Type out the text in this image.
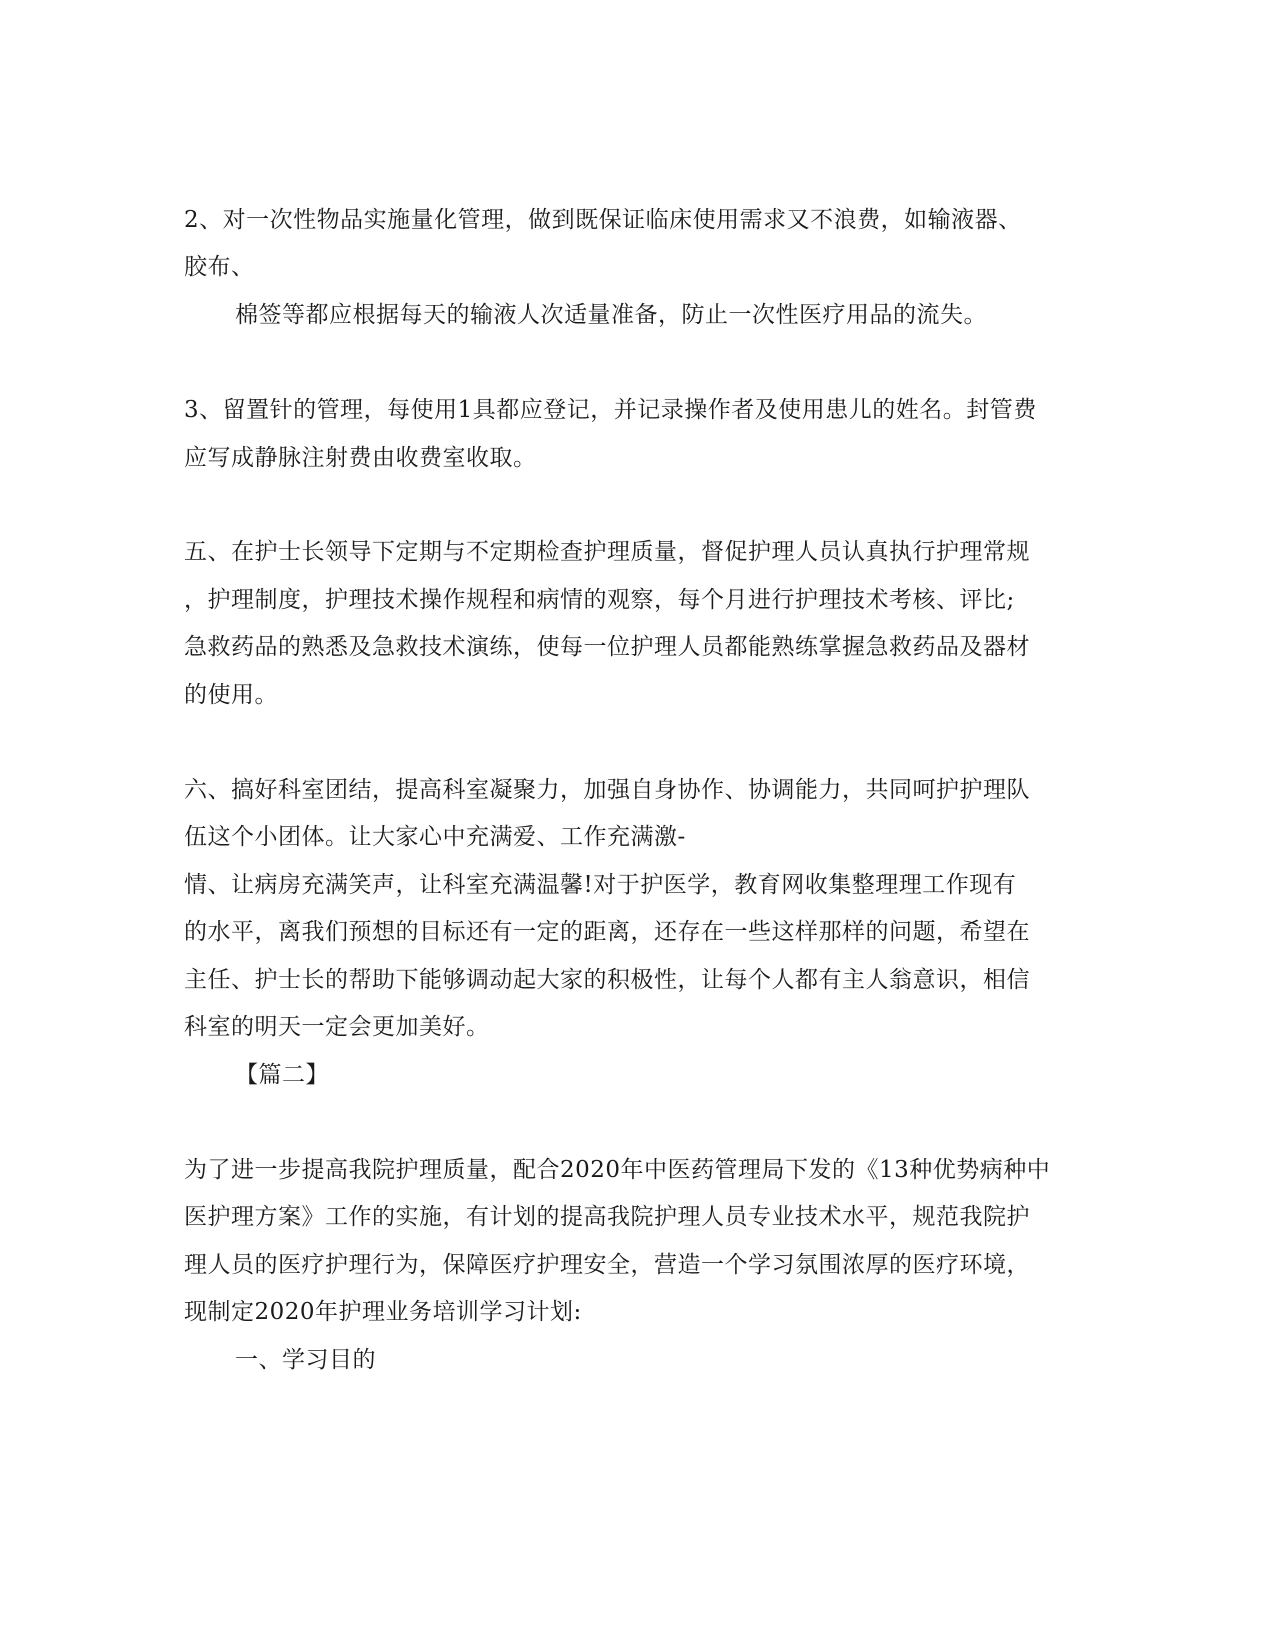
2、对一次性物品实施量化管理，做到既保证临床使用需求又不浪费，如输液器、
胶布、
棉签等都应根据每天的输液人次适量准备，防止一次性医疗用品的流失。
3、留置针的管理，每使用1具都应登记，并记录操作者及使用患儿的姓名。封管费
应写成静脉注射费由收费室收取。
五、在护士长领导下定期与不定期检查护理质量，督促护理人员认真执行护理常规
，护理制度，护理技术操作规程和病情的观察，每个月进行护理技术考核、评比;
急救药品的熟悉及急救技术演练，使每一位护理人员都能熟练掌握急救药品及器材
的使用。
六、搞好科室团结，提高科室凝聚力，加强自身协作、协调能力，共同呵护护理队
伍这个小团体。让大家心中充满爱、工作充满激-
情、让病房充满笑声，让科室充满温馨!对于护医学，教育网收集整理理工作现有
的水平，离我们预想的目标还有一定的距离，还存在一些这样那样的问题，希望在
主任、护士长的帮助下能够调动起大家的积极性，让每个人都有主人翁意识，相信
科室的明天一定会更加美好。
【篇二】
为了进一步提高我院护理质量，配合2020年中医药管理局下发的《13种优势病种中
医护理方案》工作的实施，有计划的提高我院护理人员专业技术水平，规范我院护
理人员的医疗护理行为，保障医疗护理安全，营造一个学习氛围浓厚的医疗环境，
现制定2020年护理业务培训学习计划:
一、学习目的
